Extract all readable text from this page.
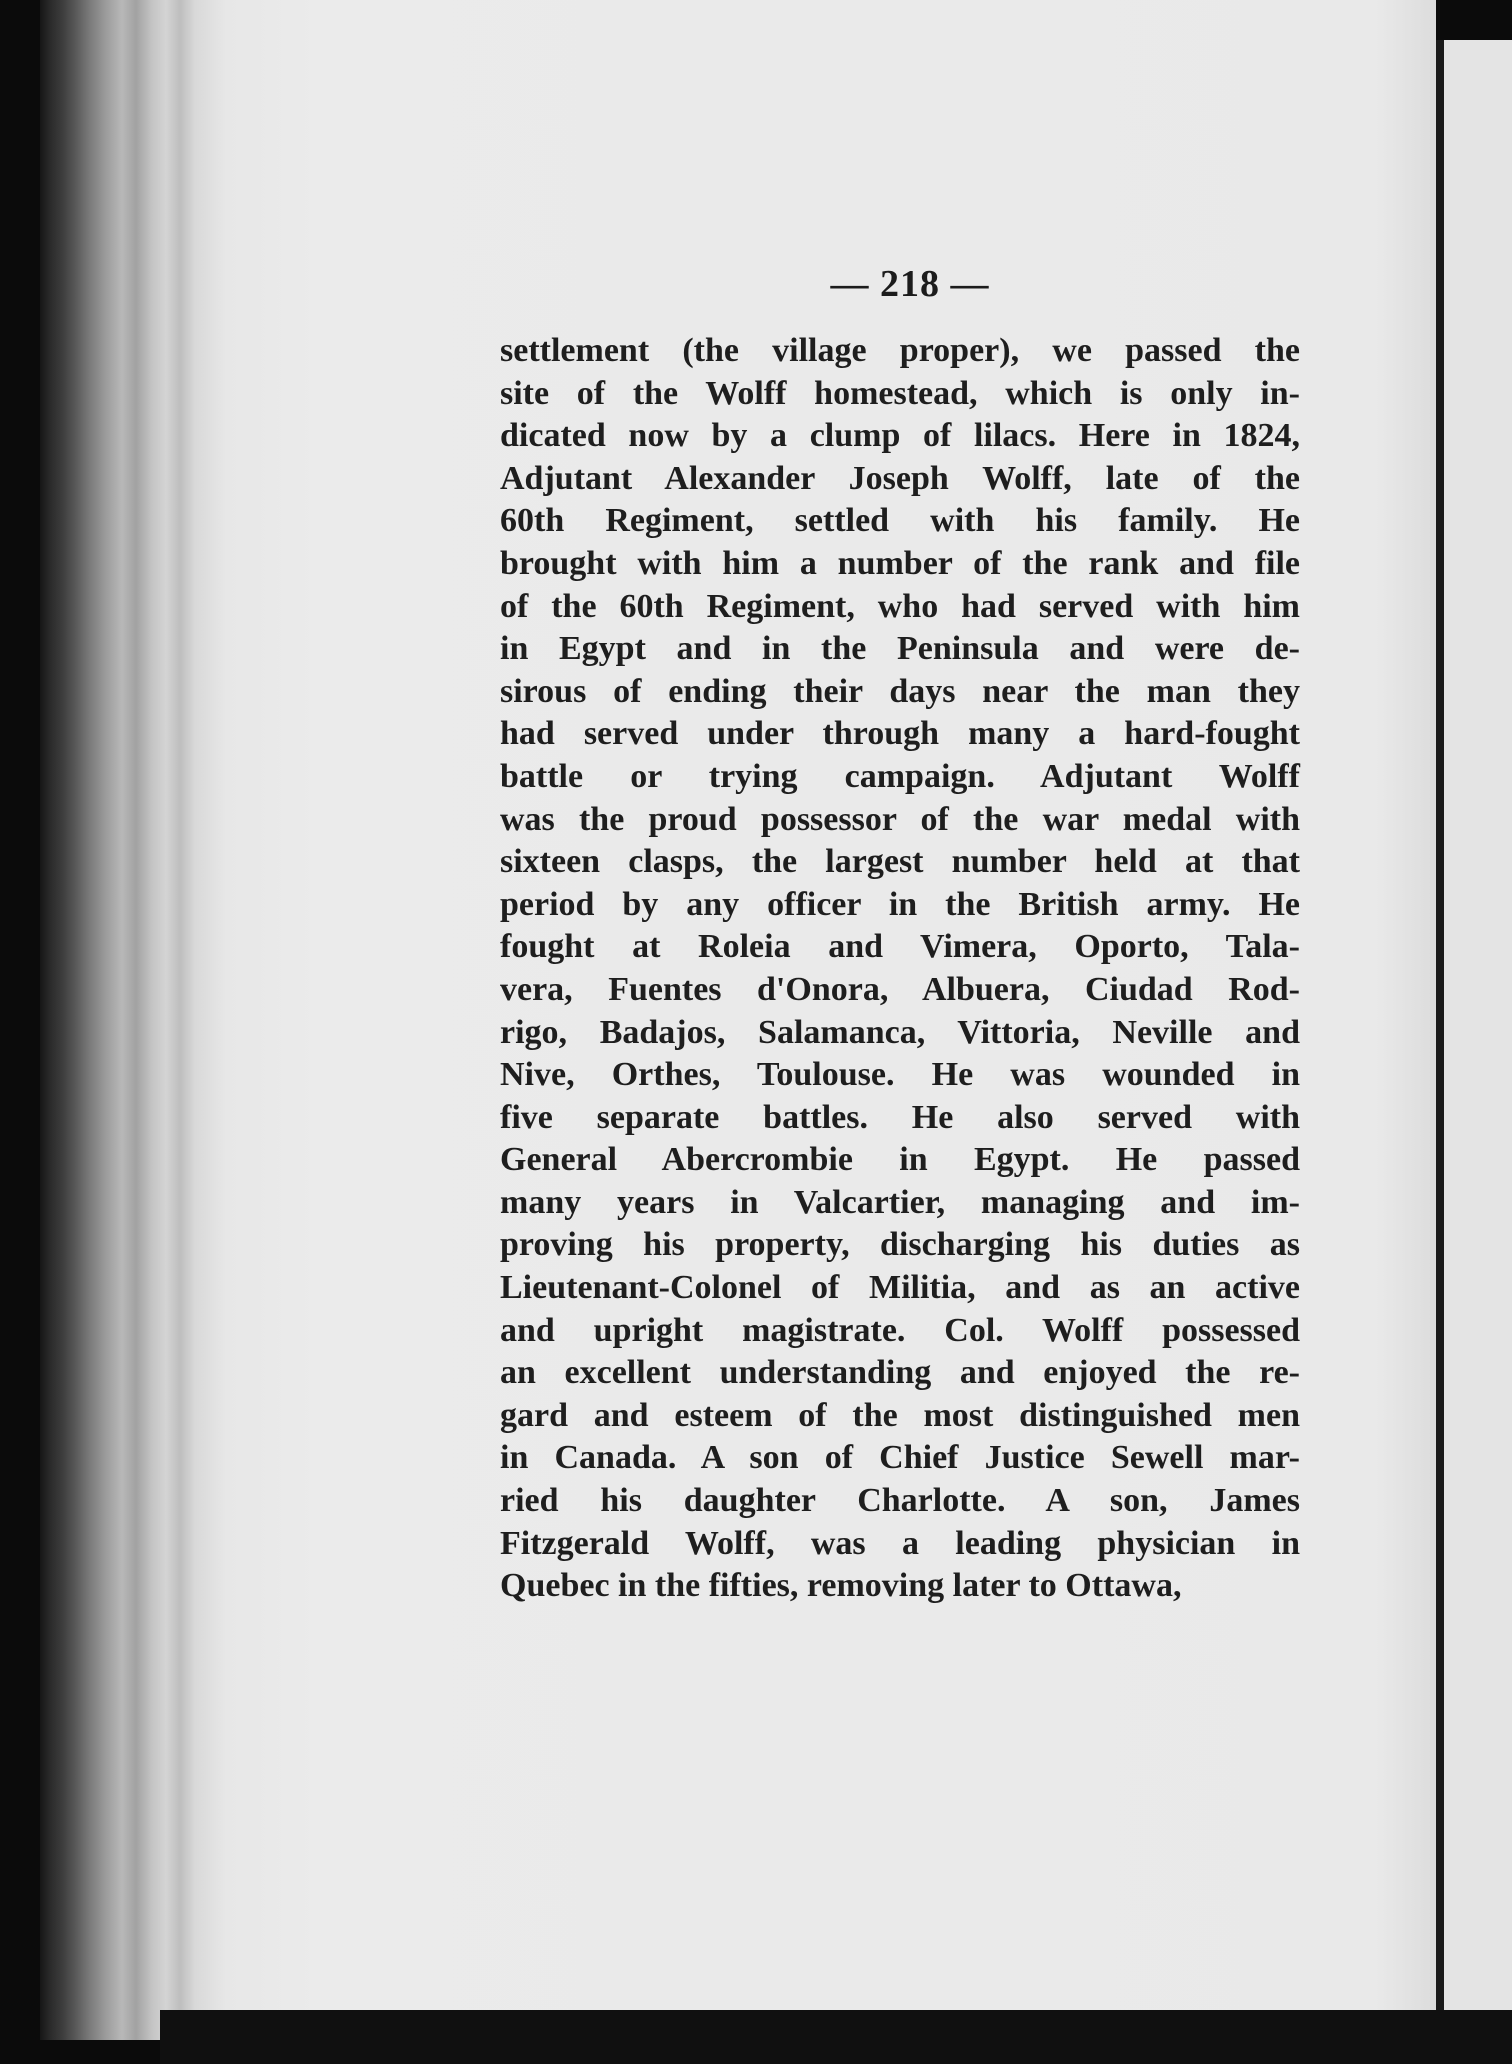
— 218 —
settlement (the village proper), we passed the
site of the Wolff homestead, which is only in-
dicated now by a clump of lilacs. Here in 1824,
Adjutant Alexander Joseph Wolff, late of the
60th Regiment, settled with his family. He
brought with him a number of the rank and file
of the 60th Regiment, who had served with him
in Egypt and in the Peninsula and were de-
sirous of ending their days near the man they
had served under through many a hard-fought
battle or trying campaign. Adjutant Wolff
was the proud possessor of the war medal with
sixteen clasps, the largest number held at that
period by any officer in the British army. He
fought at Roleia and Vimera, Oporto, Tala-
vera, Fuentes d'Onora, Albuera, Ciudad Rod-
rigo, Badajos, Salamanca, Vittoria, Neville and
Nive, Orthes, Toulouse. He was wounded in
five separate battles. He also served with
General Abercrombie in Egypt. He passed
many years in Valcartier, managing and im-
proving his property, discharging his duties as
Lieutenant-Colonel of Militia, and as an active
and upright magistrate. Col. Wolff possessed
an excellent understanding and enjoyed the re-
gard and esteem of the most distinguished men
in Canada. A son of Chief Justice Sewell mar-
ried his daughter Charlotte. A son, James
Fitzgerald Wolff, was a leading physician in
Quebec in the fifties, removing later to Ottawa,
